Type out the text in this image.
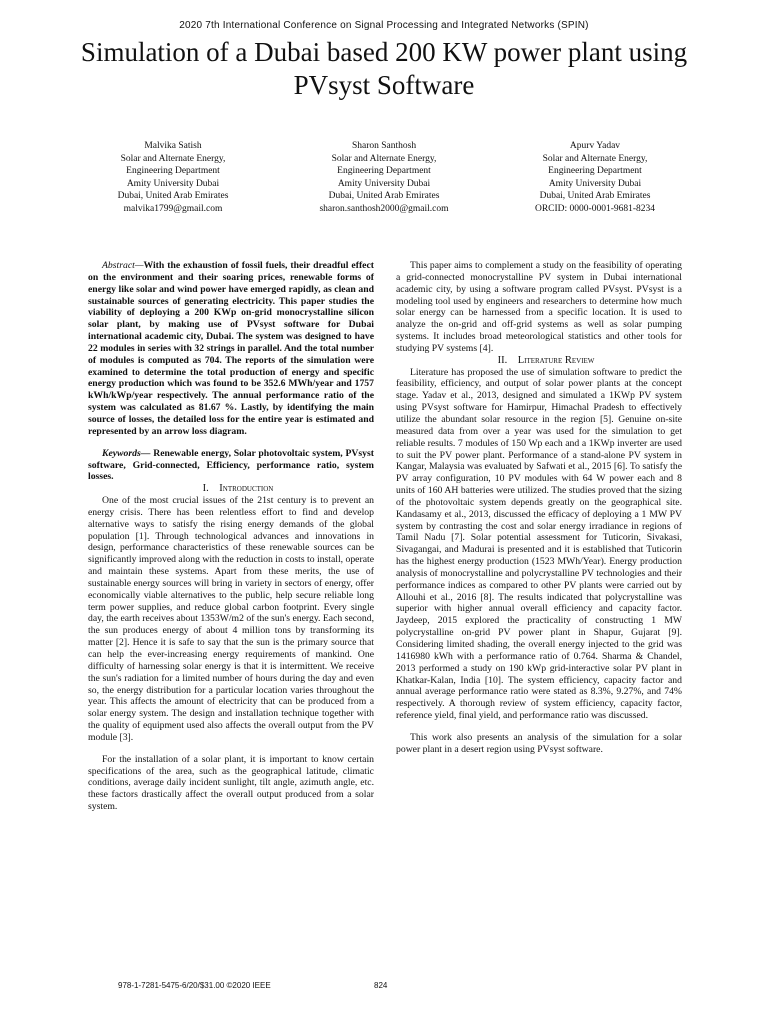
2020 7th International Conference on Signal Processing and Integrated Networks (SPIN)
Simulation of a Dubai based 200 KW power plant using PVsyst Software
Malvika Satish
Solar and Alternate Energy,
Engineering Department
Amity University Dubai
Dubai, United Arab Emirates
malvika1799@gmail.com
Sharon Santhosh
Solar and Alternate Energy,
Engineering Department
Amity University Dubai
Dubai, United Arab Emirates
sharon.santhosh2000@gmail.com
Apurv Yadav
Solar and Alternate Energy,
Engineering Department
Amity University Dubai
Dubai, United Arab Emirates
ORCID: 0000-0001-9681-8234

Abstract—With the exhaustion of fossil fuels, their dreadful effect on the environment and their soaring prices, renewable forms of energy like solar and wind power have emerged rapidly, as clean and sustainable sources of generating electricity. This paper studies the viability of deploying a 200 KWp on-grid monocrystalline silicon solar plant, by making use of PVsyst software for Dubai international academic city, Dubai. The system was designed to have 22 modules in series with 32 strings in parallel. And the total number of modules is computed as 704. The reports of the simulation were examined to determine the total production of energy and specific energy production which was found to be 352.6 MWh/year and 1757 kWh/kWp/year respectively. The annual performance ratio of the system was calculated as 81.67 %. Lastly, by identifying the main source of losses, the detailed loss for the entire year is estimated and represented by an arrow loss diagram.

Keywords— Renewable energy, Solar photovoltaic system, PVsyst software, Grid-connected, Efficiency, performance ratio, system losses.

I. Introduction

One of the most crucial issues of the 21st century is to prevent an energy crisis. There has been relentless effort to find and develop alternative ways to satisfy the rising energy demands of the global population [1]. Through technological advances and innovations in design, performance characteristics of these renewable sources can be significantly improved along with the reduction in costs to install, operate and maintain these systems. Apart from these merits, the use of sustainable energy sources will bring in variety in sectors of energy, offer economically viable alternatives to the public, help secure reliable long term power supplies, and reduce global carbon footprint. Every single day, the earth receives about 1353W/m2 of the sun's energy. Each second, the sun produces energy of about 4 million tons by transforming its matter [2]. Hence it is safe to say that the sun is the primary source that can help the ever-increasing energy requirements of mankind. One difficulty of harnessing solar energy is that it is intermittent. We receive the sun's radiation for a limited number of hours during the day and even so, the energy distribution for a particular location varies throughout the year. This affects the amount of electricity that can be produced from a solar energy system. The design and installation technique together with the quality of equipment used also affects the overall output from the PV module [3].

For the installation of a solar plant, it is important to know certain specifications of the area, such as the geographical latitude, climatic conditions, average daily incident sunlight, tilt angle, azimuth angle, etc. these factors drastically affect the overall output produced from a solar system.

This paper aims to complement a study on the feasibility of operating a grid-connected monocrystalline PV system in Dubai international academic city, by using a software program called PVsyst. PVsyst is a modeling tool used by engineers and researchers to determine how much solar energy can be harnessed from a specific location. It is used to analyze the on-grid and off-grid systems as well as solar pumping systems. It includes broad meteorological statistics and other tools for studying PV systems [4].

II. Literature Review

Literature has proposed the use of simulation software to predict the feasibility, efficiency, and output of solar power plants at the concept stage. Yadav et al., 2013, designed and simulated a 1KWp PV system using PVsyst software for Hamirpur, Himachal Pradesh to effectively utilize the abundant solar resource in the region [5]. Genuine on-site measured data from over a year was used for the simulation to get reliable results. 7 modules of 150 Wp each and a 1KWp inverter are used to suit the PV power plant. Performance of a stand-alone PV system in Kangar, Malaysia was evaluated by Safwati et al., 2015 [6]. To satisfy the PV array configuration, 10 PV modules with 64 W power each and 8 units of 160 AH batteries were utilized. The studies proved that the sizing of the photovoltaic system depends greatly on the geographical site. Kandasamy et al., 2013, discussed the efficacy of deploying a 1 MW PV system by contrasting the cost and solar energy irradiance in regions of Tamil Nadu [7]. Solar potential assessment for Tuticorin, Sivakasi, Sivagangai, and Madurai is presented and it is established that Tuticorin has the highest energy production (1523 MWh/Year). Energy production analysis of monocrystalline and polycrystalline PV technologies and their performance indices as compared to other PV plants were carried out by Allouhi et al., 2016 [8]. The results indicated that polycrystalline was superior with higher annual overall efficiency and capacity factor. Jaydeep, 2015 explored the practicality of constructing 1 MW polycrystalline on-grid PV power plant in Shapur, Gujarat [9]. Considering limited shading, the overall energy injected to the grid was 1416980 kWh with a performance ratio of 0.764. Sharma & Chandel, 2013 performed a study on 190 kWp grid-interactive solar PV plant in Khatkar-Kalan, India [10]. The system efficiency, capacity factor and annual average performance ratio were stated as 8.3%, 9.27%, and 74% respectively. A thorough review of system efficiency, capacity factor, reference yield, final yield, and performance ratio was discussed.

This work also presents an analysis of the simulation for a solar power plant in a desert region using PVsyst software.

978-1-7281-5475-6/20/$31.00 ©2020 IEEE	824
